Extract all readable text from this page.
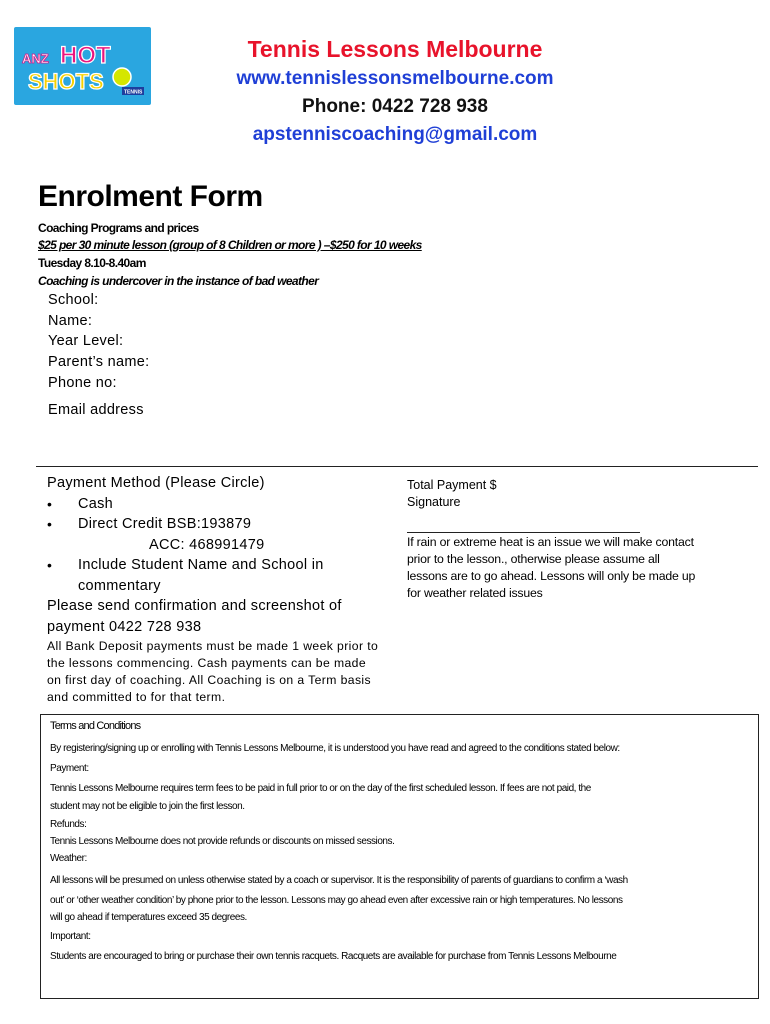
ANZ HOT
SHOTS	TENNIS
Tennis Lessons Melbourne
www.tennislessonsmelbourne.com
Phone: 0422 728 938
apstenniscoaching@gmail.com
Enrolment Form
Coaching Programs and prices
$25 per 30 minute lesson (group of 8 Children or more ) –$250 for 10 weeks
Tuesday 8.10-8.40am
Coaching is undercover in the instance of bad weather
School:
Name:
Year Level:
Parent’s name:
Phone no:
Email address
Payment Method (Please Circle)
• Cash
• Direct Credit BSB:193879
ACC: 468991479
• Include Student Name and School in
commentary
Please send confirmation and screenshot of
payment 0422 728 938
All Bank Deposit payments must be made 1 week prior to
the lessons commencing. Cash payments can be made
on first day of coaching. All Coaching is on a Term basis
and committed to for that term.
Total Payment $
Signature
If rain or extreme heat is an issue we will make contact
prior to the lesson., otherwise please assume all
lessons are to go ahead. Lessons will only be made up
for weather related issues
Terms and Conditions
By registering/signing up or enrolling with Tennis Lessons Melbourne, it is understood you have read and agreed to the conditions stated below:
Payment:
Tennis Lessons Melbourne requires term fees to be paid in full prior to or on the day of the first scheduled lesson. If fees are not paid, the
student may not be eligible to join the first lesson.
Refunds:
Tennis Lessons Melbourne does not provide refunds or discounts on missed sessions.
Weather:
All lessons will be presumed on unless otherwise stated by a coach or supervisor. It is the responsibility of parents of guardians to confirm a ‘wash
out’ or ‘other weather condition’ by phone prior to the lesson. Lessons may go ahead even after excessive rain or high temperatures. No lessons
will go ahead if temperatures exceed 35 degrees.
Important:
Students are encouraged to bring or purchase their own tennis racquets. Racquets are available for purchase from Tennis Lessons Melbourne
